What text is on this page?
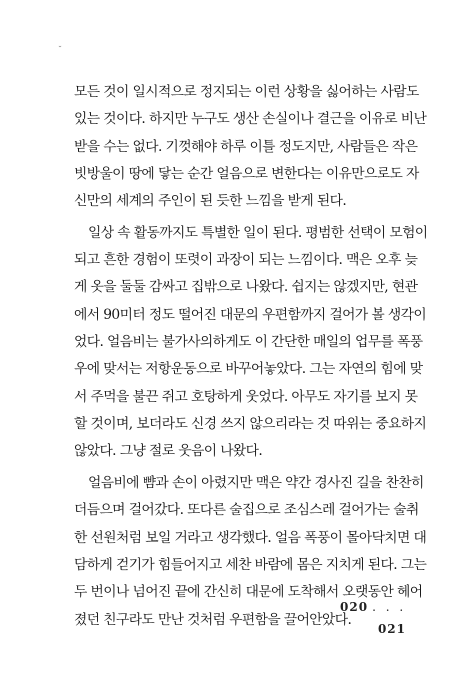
˘

모든 것이 일시적으로 정지되는 이런 상황을 싫어하는 사람도
있는 것이다. 하지만 누구도 생산 손실이나 결근을 이유로 비난
받을 수는 없다. 기껏해야 하루 이틀 정도지만, 사람들은 작은
빗방울이 땅에 닿는 순간 얼음으로 변한다는 이유만으로도 자
신만의 세계의 주인이 된 듯한 느낌을 받게 된다.

일상 속 활동까지도 특별한 일이 된다. 평범한 선택이 모험이
되고 흔한 경험이 또렷이 과장이 되는 느낌이다. 맥은 오후 늦
게 옷을 둘둘 감싸고 집밖으로 나왔다. 쉽지는 않겠지만, 현관
에서 90미터 정도 떨어진 대문의 우편함까지 걸어가 볼 생각이
었다. 얼음비는 불가사의하게도 이 간단한 매일의 업무를 폭풍
우에 맞서는 저항운동으로 바꾸어놓았다. 그는 자연의 힘에 맞
서 주먹을 불끈 쥐고 호탕하게 웃었다. 아무도 자기를 보지 못
할 것이며, 보더라도 신경 쓰지 않으리라는 것 따위는 중요하지
않았다. 그냥 절로 웃음이 나왔다.

얼음비에 뺨과 손이 아렸지만 맥은 약간 경사진 길을 찬찬히
더듬으며 걸어갔다. 또다른 술집으로 조심스레 걸어가는 술취
한 선원처럼 보일 거라고 생각했다. 얼음 폭풍이 몰아닥치면 대
담하게 걷기가 힘들어지고 세찬 바람에 몸은 지치게 된다. 그는
두 번이나 넘어진 끝에 간신히 대문에 도착해서 오랫동안 헤어
졌던 친구라도 만난 것처럼 우편함을 끌어안았다.

020 . . .
021
